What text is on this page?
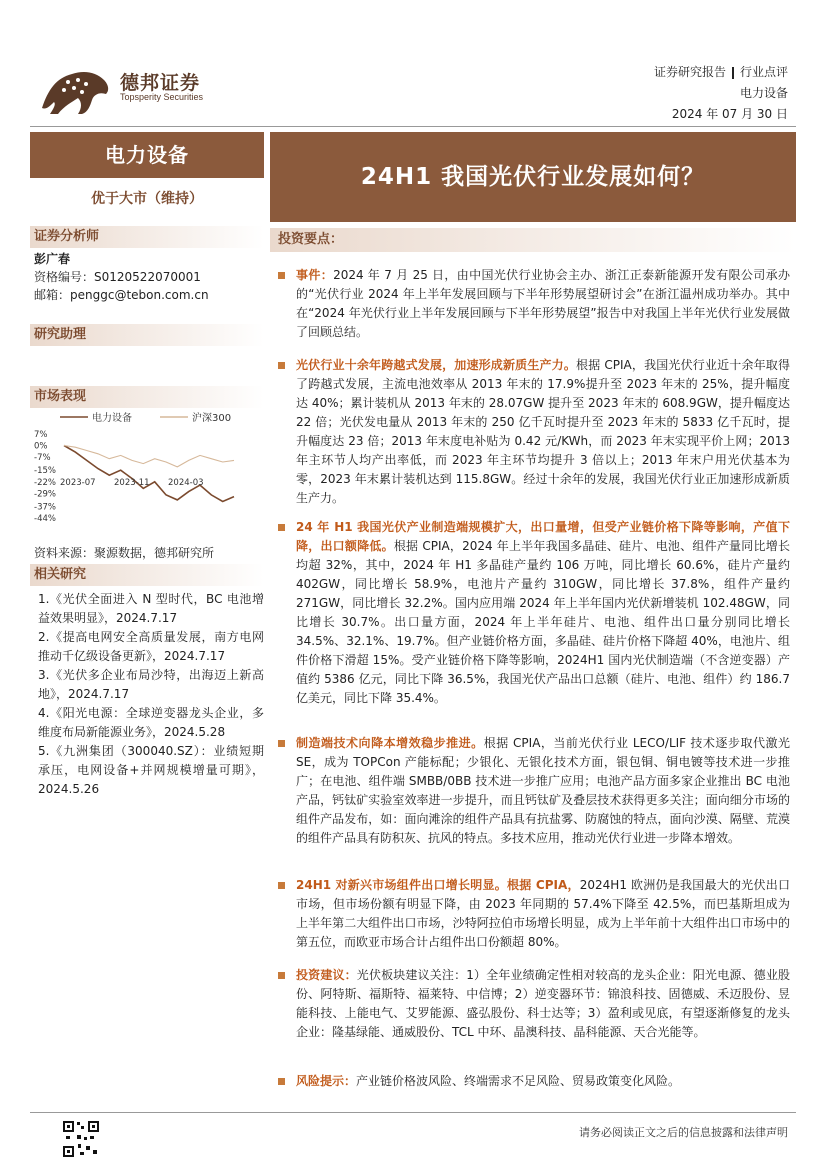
德邦证券
Topsperity Securities
证券研究报告 行业点评
电力设备
2024 年 07 月 30 日
电力设备
优于大市（维持）
证券分析师
彭广春
资格编号：S0120522070001
邮箱：penggc@tebon.com.cn
研究助理
市场表现
电力设备	沪深300
7%
0%
-7%
-15%
-22%
-29%
-37%
-44%
2023-07 2023-11 2024-03
资料来源：聚源数据，德邦研究所
相关研究
1.《光伏全面进入 N 型时代，BC 电池增益效果明显》，2024.7.17
2.《提高电网安全高质量发展，南方电网推动千亿级设备更新》，2024.7.17
3.《光伏多企业布局沙特，出海迈上新高地》，2024.7.17
4.《阳光电源：全球逆变器龙头企业，多维度布局新能源业务》，2024.5.28
5.《九洲集团（300040.SZ）：业绩短期承压，电网设备+并网规模增量可期》，2024.5.26
24H1 我国光伏行业发展如何？
投资要点：
事件：2024 年 7 月 25 日，由中国光伏行业协会主办、浙江正泰新能源开发有限公司承办的“光伏行业 2024 年上半年发展回顾与下半年形势展望研讨会”在浙江温州成功举办。其中在“2024 年光伏行业上半年发展回顾与下半年形势展望”报告中对我国上半年光伏行业发展做了回顾总结。
光伏行业十余年跨越式发展，加速形成新质生产力。根据 CPIA，我国光伏行业近十余年取得了跨越式发展，主流电池效率从 2013 年末的 17.9%提升至 2023 年末的 25%，提升幅度达 40%；累计装机从 2013 年末的 28.07GW 提升至 2023 年末的 608.9GW，提升幅度达 22 倍；光伏发电量从 2013 年末的 250 亿千瓦时提升至 2023 年末的 5833 亿千瓦时，提升幅度达 23 倍；2013 年末度电补贴为 0.42 元/KWh，而 2023 年末实现平价上网；2013 年主环节人均产出率低，而 2023 年主环节均提升 3 倍以上；2013 年末户用光伏基本为零，2023 年末累计装机达到 115.8GW。经过十余年的发展，我国光伏行业正加速形成新质生产力。
24 年 H1 我国光伏产业制造端规模扩大，出口量增，但受产业链价格下降等影响，产值下降，出口额降低。根据 CPIA，2024 年上半年我国多晶硅、硅片、电池、组件产量同比增长均超 32%，其中，2024 年 H1 多晶硅产量约 106 万吨，同比增长 60.6%，硅片产量约 402GW，同比增长 58.9%，电池片产量约 310GW，同比增长 37.8%，组件产量约 271GW，同比增长 32.2%。国内应用端 2024 年上半年国内光伏新增装机 102.48GW，同比增长 30.7%。出口量方面，2024 年上半年硅片、电池、组件出口量分别同比增长 34.5%、32.1%、19.7%。但产业链价格方面，多晶硅、硅片价格下降超 40%，电池片、组件价格下滑超 15%。受产业链价格下降等影响，2024H1 国内光伏制造端（不含逆变器）产值约 5386 亿元，同比下降 36.5%，我国光伏产品出口总额（硅片、电池、组件）约 186.7 亿美元，同比下降 35.4%。
制造端技术向降本增效稳步推进。根据 CPIA，当前光伏行业 LECO/LIF 技术逐步取代激光 SE，成为 TOPCon 产能标配；少银化、无银化技术方面，银包铜、铜电镀等技术进一步推广；在电池、组件端 SMBB/0BB 技术进一步推广应用；电池产品方面多家企业推出 BC 电池产品，钙钛矿实验室效率进一步提升，而且钙钛矿及叠层技术获得更多关注；面向细分市场的组件产品发布，如：面向滩涂的组件产品具有抗盐雾、防腐蚀的特点，面向沙漠、隔壁、荒漠的组件产品具有防积灰、抗风的特点。多技术应用，推动光伏行业进一步降本增效。
24H1 对新兴市场组件出口增长明显。根据 CPIA，2024H1 欧洲仍是我国最大的光伏出口市场，但市场份额有明显下降，由 2023 年同期的 57.4%下降至 42.5%，而巴基斯坦成为上半年第二大组件出口市场，沙特阿拉伯市场增长明显，成为上半年前十大组件出口市场中的第五位，而欧亚市场合计占组件出口份额超 80%。
投资建议：光伏板块建议关注：1）全年业绩确定性相对较高的龙头企业：阳光电源、德业股份、阿特斯、福斯特、福莱特、中信博；2）逆变器环节：锦浪科技、固德威、禾迈股份、昱能科技、上能电气、艾罗能源、盛弘股份、科士达等；3）盈利或见底，有望逐渐修复的龙头企业：隆基绿能、通威股份、TCL 中环、晶澳科技、晶科能源、天合光能等。
风险提示：产业链价格波风险、终端需求不足风险、贸易政策变化风险。
请务必阅读正文之后的信息披露和法律声明
